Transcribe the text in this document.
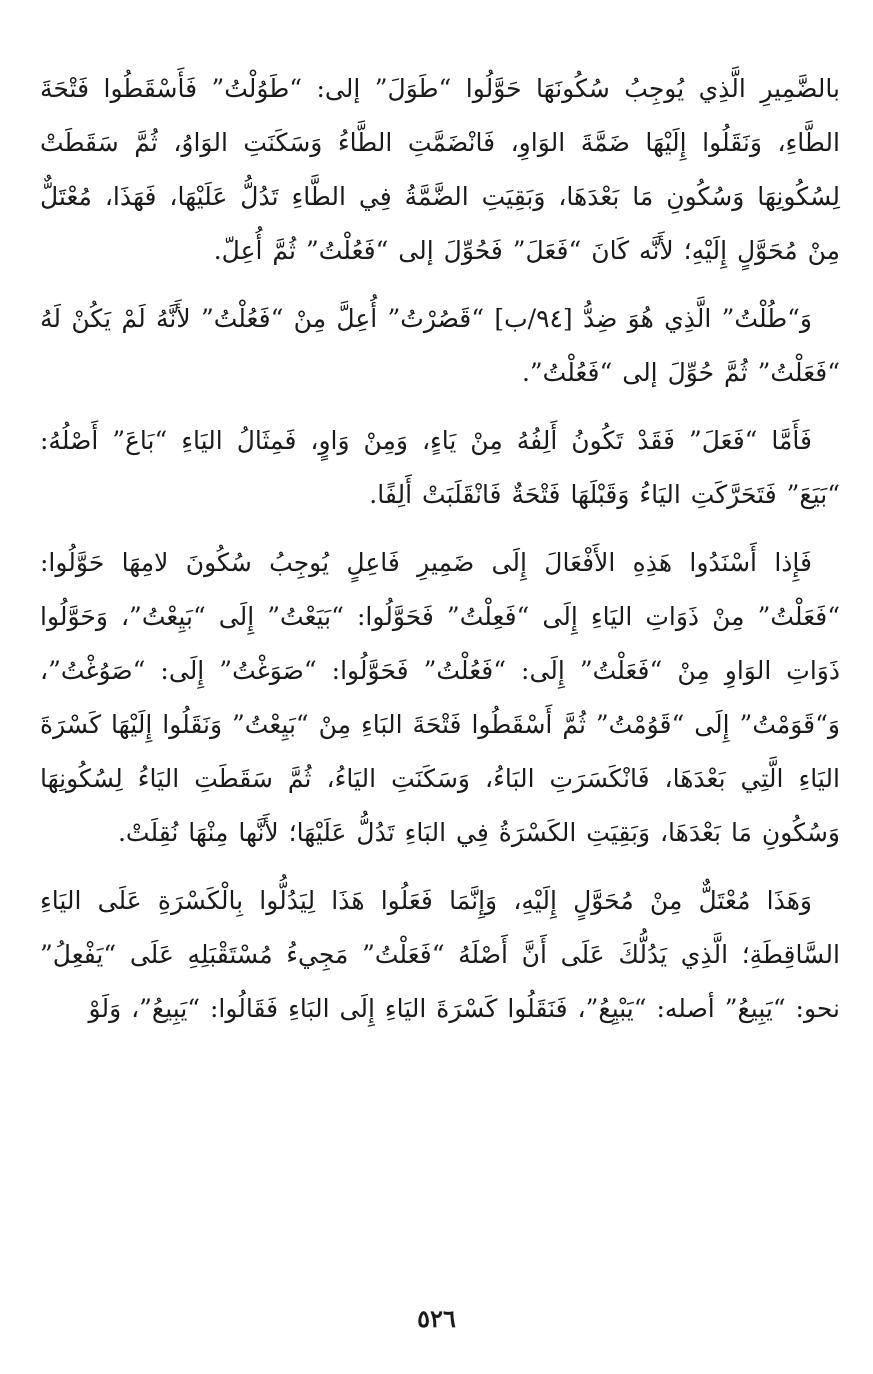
بالضَّمِيرِ الَّذِي يُوجِبُ سُكُونَهَا حَوَّلُوا “طَوَلَ” إلى: “طَوُلْتُ” فَأَسْقَطُوا فَتْحَةَ الطَّاءِ، وَنَقَلُوا إِلَيْهَا ضَمَّةَ الوَاوِ، فَانْضَمَّتِ الطَّاءُ وَسَكَنَتِ الوَاوُ، ثُمَّ سَقَطَتْ لِسُكُونِهَا وَسُكُونِ مَا بَعْدَهَا، وَبَقِيَتِ الضَّمَّةُ فِي الطَّاءِ تَدُلُّ عَلَيْهَا، فَهَذَا، مُعْتَلٌّ مِنْ مُحَوَّلٍ إِلَيْهِ؛ لأَنَّه كَانَ “فَعَلَ” فَحُوِّلَ إلى “فَعُلْتُ” ثُمَّ أُعِلّ.

وَ“طُلْتُ” الَّذِي هُوَ ضِدُّ [٩٤/ب] “قَصُرْتُ” أُعِلَّ مِنْ “فَعُلْتُ” لأَنَّهُ لَمْ يَكُنْ لَهُ “فَعَلْتُ” ثُمَّ حُوِّلَ إلى “فَعُلْتُ”.

فَأَمَّا “فَعَلَ” فَقَدْ تَكُونُ أَلِفُهُ مِنْ يَاءٍ، وَمِنْ وَاوٍ، فَمِثَالُ اليَاءِ “بَاعَ” أَصْلُهُ: “بَيَعَ” فَتَحَرَّكَتِ اليَاءُ وَقَبْلَهَا فَتْحَةٌ فَانْقَلَبَتْ أَلِفًا.

فَإِذا أَسْنَدُوا هَذِهِ الأَفْعَالَ إِلَى ضَمِيرِ فَاعِلٍ يُوجِبُ سُكُونَ لامِهَا حَوَّلُوا: “فَعَلْتُ” مِنْ ذَوَاتِ اليَاءِ إِلَى “فَعِلْتُ” فَحَوَّلُوا: “بَيَعْتُ” إِلَى “بَيِعْتُ”، وَحَوَّلُوا ذَوَاتِ الوَاوِ مِنْ “فَعَلْتُ” إِلَى: “فَعُلْتُ” فَحَوَّلُوا: “صَوَغْتُ” إِلَى: “صَوُغْتُ”، وَ“قَوَمْتُ” إِلَى “قَوُمْتُ” ثُمَّ أَسْقَطُوا فَتْحَةَ البَاءِ مِنْ “بَيِعْتُ” وَنَقَلُوا إِلَيْهَا كَسْرَةَ اليَاءِ الَّتِي بَعْدَهَا، فَانْكَسَرَتِ البَاءُ، وَسَكَنَتِ اليَاءُ، ثُمَّ سَقَطَتِ اليَاءُ لِسُكُونِهَا وَسُكُونِ مَا بَعْدَهَا، وَبَقِيَتِ الكَسْرَةُ فِي البَاءِ تَدُلُّ عَلَيْهَا؛ لأَنَّها مِنْهَا نُقِلَتْ.

وَهَذَا مُعْتَلٌّ مِنْ مُحَوَّلٍ إِلَيْهِ، وَإِنَّمَا فَعَلُوا هَذَا لِيَدُلُّوا بِالْكَسْرَةِ عَلَى اليَاءِ السَّاقِطَةِ؛ الَّذِي يَدُلُّكَ عَلَى أَنَّ أَصْلَهُ “فَعَلْتُ” مَجِيءُ مُسْتَقْبَلِهِ عَلَى “يَفْعِلُ” نحو: “يَبِيعُ” أصله: “يَبْيِعُ”، فَنَقَلُوا كَسْرَةَ اليَاءِ إِلَى البَاءِ فَقَالُوا: “يَبِيعُ”، وَلَوْ

٥٢٦
